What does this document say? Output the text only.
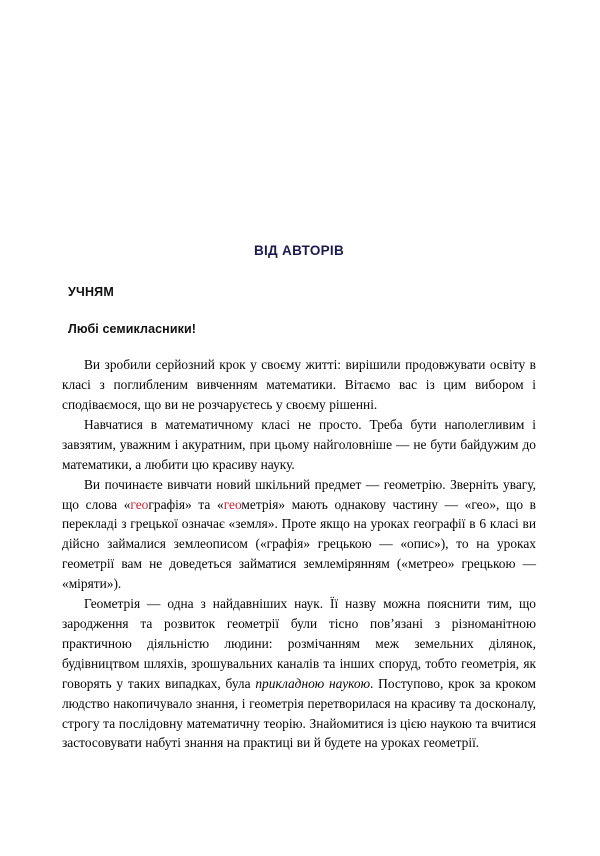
ВІД АВТОРІВ
УЧНЯМ
Любі семикласники!

Ви зробили серйозний крок у своєму житті: вирішили продовжувати освіту в класі з поглибленим вивченням математики. Вітаємо вас із цим вибором і сподіваємося, що ви не розчаруєтесь у своєму рішенні.

Навчатися в математичному класі не просто. Треба бути наполегливим і завзятим, уважним і акуратним, при цьому найголовніше — не бути байдужим до математики, а любити цю красиву науку.

Ви починаєте вивчати новий шкільний предмет — геометрію. Зверніть увагу, що слова «географія» та «геометрія» мають однакову частину — «гео», що в перекладі з грецької означає «земля». Проте якщо на уроках географії в 6 класі ви дійсно займалися землеописом («графія» грецькою — «опис»), то на уроках геометрії вам не доведеться займатися землемірянням («метрео» грецькою — «міряти»).

Геометрія — одна з найдавніших наук. Її назву можна пояснити тим, що зародження та розвиток геометрії були тісно пов’язані з різноманітною практичною діяльністю людини: розмічанням меж земельних ділянок, будівництвом шляхів, зрошувальних каналів та інших споруд, тобто геометрія, як говорять у таких випадках, була прикладною наукою. Поступово, крок за кроком людство накопичувало знання, і геометрія перетворилася на красиву та досконалу, строгу та послідовну математичну теорію. Знайомитися із цією наукою та вчитися застосовувати набуті знання на практиці ви й будете на уроках геометрії.
